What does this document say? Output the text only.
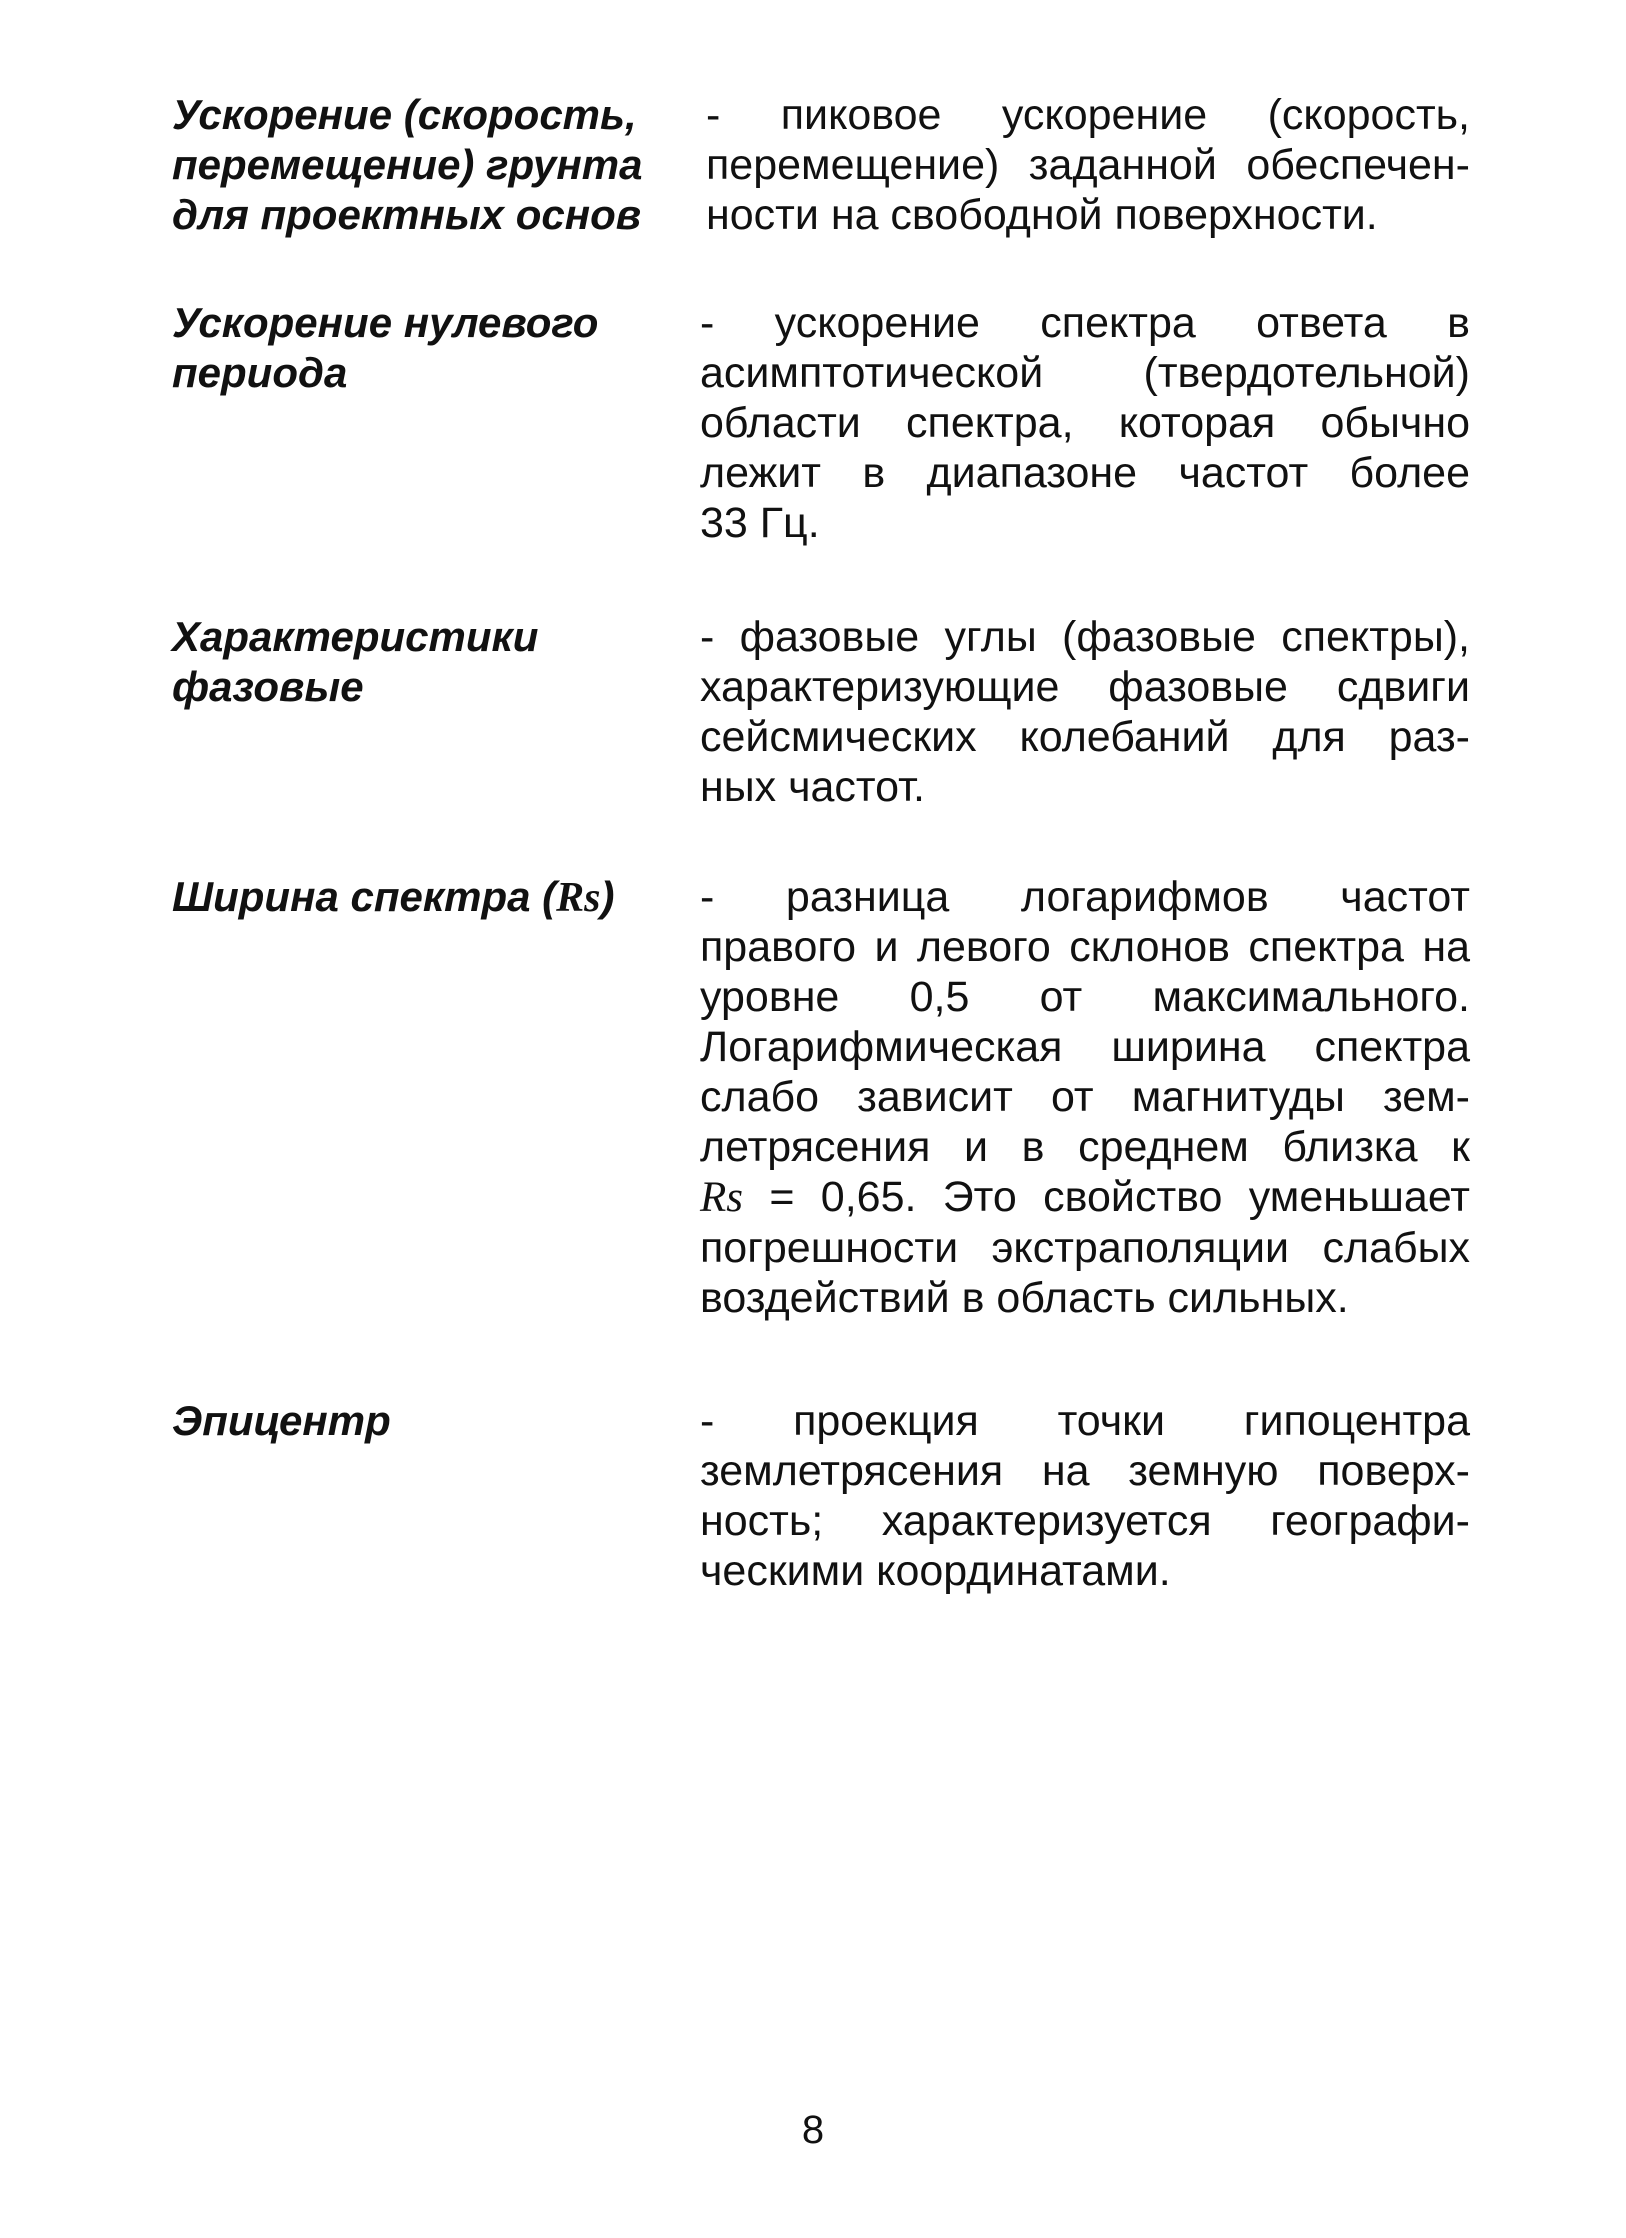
Ускорение (скорость,
перемещение) грунта
для проектных основ
- пиковое ускорение (скорость,
перемещение) заданной обеспечен-
ности на свободной поверхности.
Ускорение нулевого
периода
- ускорение спектра ответа в
асимптотической (твердотельной)
области спектра, которая обычно
лежит в диапазоне частот более
33 Гц.
Характеристики
фазовые
- фазовые углы (фазовые спектры),
характеризующие фазовые сдвиги
сейсмических колебаний для раз-
ных частот.
Ширина спектра (Rs)	- разница логарифмов частот
правого и левого склонов спектра на
уровне 0,5 от максимального.
Логарифмическая ширина спектра
слабо зависит от магнитуды зем-
летрясения и в среднем близка к
Rs = 0,65. Это свойство уменьшает
погрешности экстраполяции слабых
воздействий в область сильных.
Эпицентр	- проекция точки гипоцентра
землетрясения на земную поверх-
ность; характеризуется географи-
ческими координатами.
8
